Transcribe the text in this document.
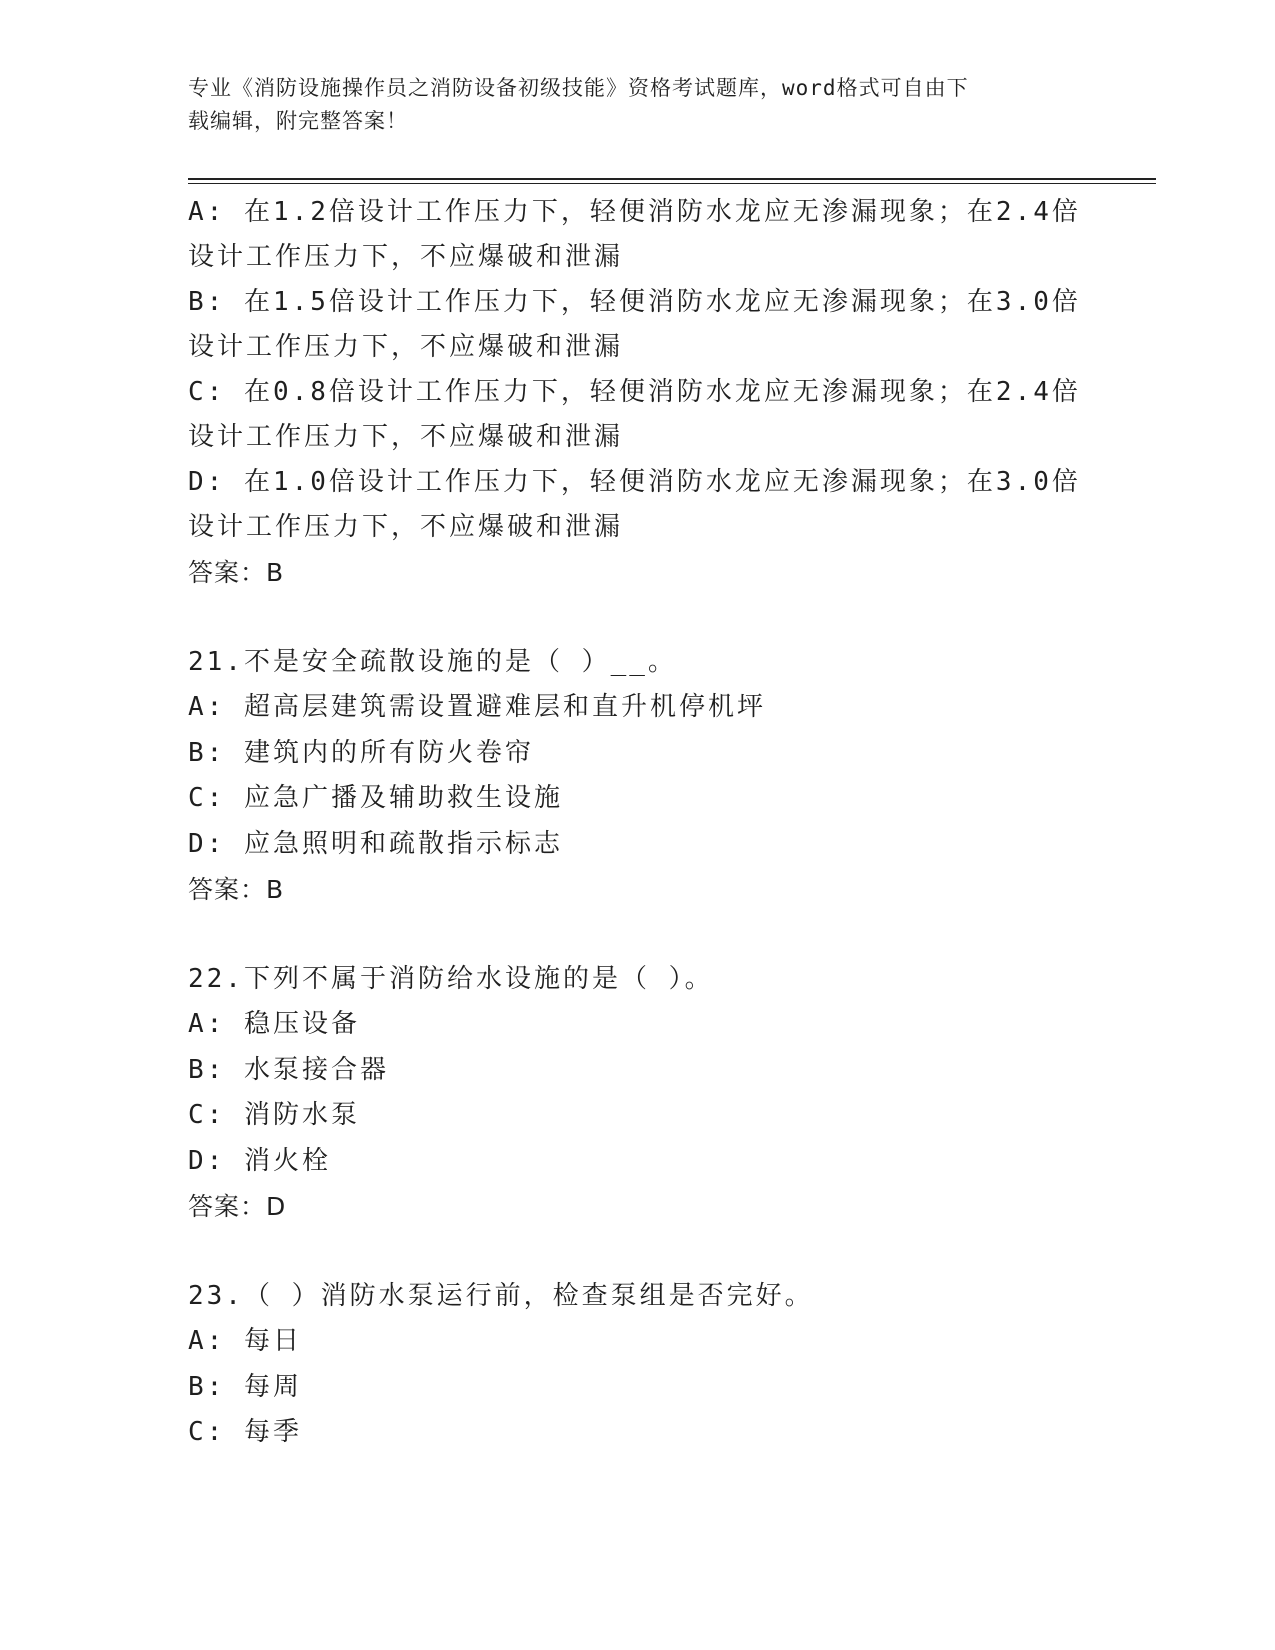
专业《消防设施操作员之消防设备初级技能》资格考试题库，word格式可自由下
载编辑，附完整答案！
A: 在1.2倍设计工作压力下，轻便消防水龙应无渗漏现象；在2.4倍
设计工作压力下，不应爆破和泄漏
B: 在1.5倍设计工作压力下，轻便消防水龙应无渗漏现象；在3.0倍
设计工作压力下，不应爆破和泄漏
C: 在0.8倍设计工作压力下，轻便消防水龙应无渗漏现象；在2.4倍
设计工作压力下，不应爆破和泄漏
D: 在1.0倍设计工作压力下，轻便消防水龙应无渗漏现象；在3.0倍
设计工作压力下，不应爆破和泄漏
答案：B
21.不是安全疏散设施的是（ ）__。
A: 超高层建筑需设置避难层和直升机停机坪
B: 建筑内的所有防火卷帘
C: 应急广播及辅助救生设施
D: 应急照明和疏散指示标志
答案：B
22.下列不属于消防给水设施的是（ ）。
A: 稳压设备
B: 水泵接合器
C: 消防水泵
D: 消火栓
答案：D
23.（ ）消防水泵运行前，检查泵组是否完好。
A: 每日
B: 每周
C: 每季
